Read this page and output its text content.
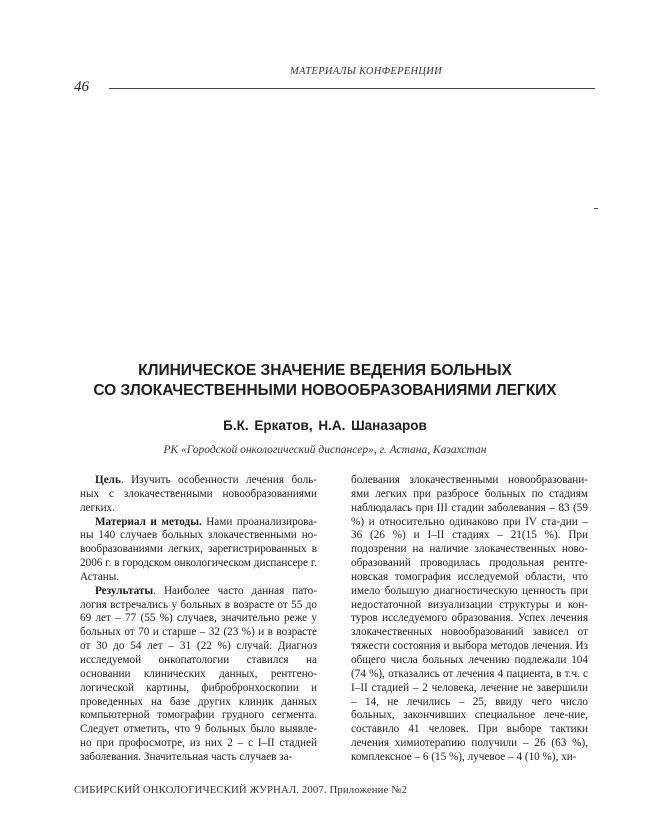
МАТЕРИАЛЫ КОНФЕРЕНЦИИ
46
КЛИНИЧЕСКОЕ ЗНАЧЕНИЕ ВЕДЕНИЯ БОЛЬНЫХ
СО ЗЛОКАЧЕСТВЕННЫМИ НОВООБРАЗОВАНИЯМИ ЛЕГКИХ
Б.К. Еркатов, Н.А. Шаназаров
РК «Городской онкологический диспансер», г. Астана, Казахстан

Цель. Изучить особенности лечения боль-ных с злокачественными новообразованиями легких.

Материал и методы. Нами проанализирова-ны 140 случаев больных злокачественными но-вообразованиями легких, зарегистрированных в 2006 г. в городском онкологическом диспансере г. Астаны.

Результаты. Наиболее часто данная пато-логия встречались у больных в возрасте от 55 до 69 лет – 77 (55 %) случаев, значительно реже у больных от 70 и старше – 32 (23 %) и в возрасте от 30 до 54 лет – 31 (22 %) случай. Диагноз исследуемой онкопатологии ставился на основании клинических данных, рентгено-логической картины, фибробронхоскопии и проведенных на базе других клиник данных компьютерной томографии грудного сегмента. Следует отметить, что 9 больных было выявле-но при профосмотре, из них 2 – с I–II стадией заболевания. Значительная часть случаев за-

болевания злокачественными новообразовани-ями легких при разбросе больных по стадиям наблюдалась при III стадии заболевания – 83 (59 %) и относительно одинаково при IV ста-дии – 36 (26 %) и I–II стадиях – 21(15 %). При подозрении на наличие злокачественных ново-образований проводилась продольная рентге-новская томография исследуемой области, что имело большую диагностическую ценность при недостаточной визуализации структуры и кон-туров исследуемого образования. Успех лечения злокачественных новообразований зависел от тяжести состояния и выбора методов лечения. Из общего числа больных лечению подлежали 104 (74 %), отказались от лечения 4 пациента, в т.ч. с I–II стадией – 2 человека, лечение не завершили – 14, не лечились – 25, ввиду чего число больных, закончивших специальное лече-ние, составило 41 человек. При выборе тактики лечения химиотерапию получили – 26 (63 %), комплексное – 6 (15 %), лучевое – 4 (10 %), хи-

СИБИРСКИЙ ОНКОЛОГИЧЕСКИЙ ЖУРНАЛ. 2007. Приложение №2
